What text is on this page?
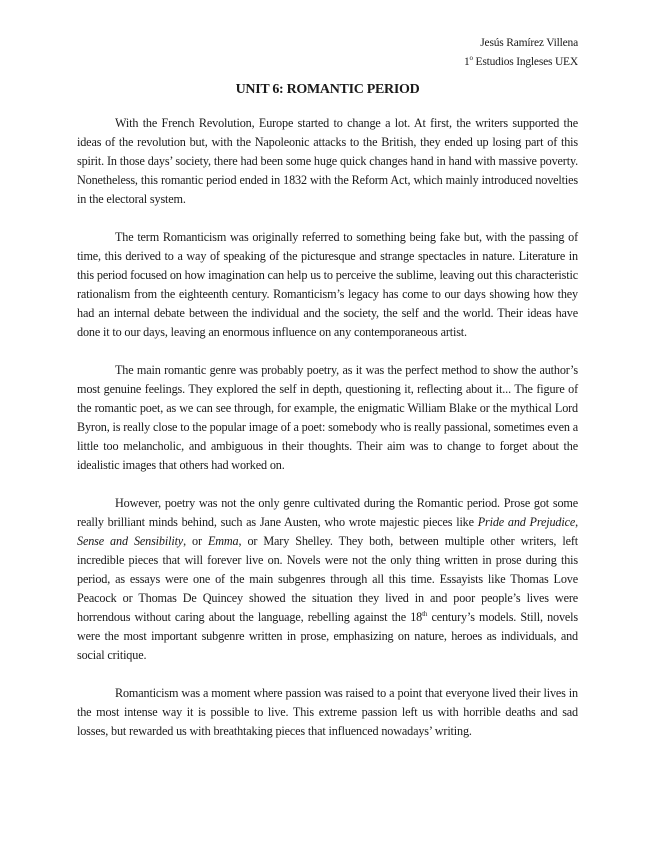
Jesús Ramírez Villena
1$^o$ Estudios Ingleses UEX
UNIT 6: ROMANTIC PERIOD

With the French Revolution, Europe started to change a lot. At first, the writers supported the ideas of the revolution but, with the Napoleonic attacks to the British, they ended up losing part of this spirit. In those days’ society, there had been some huge quick changes hand in hand with massive poverty. Nonetheless, this romantic period ended in 1832 with the Reform Act, which mainly introduced novelties in the electoral system.

The term Romanticism was originally referred to something being fake but, with the passing of time, this derived to a way of speaking of the picturesque and strange spectacles in nature. Literature in this period focused on how imagination can help us to perceive the sublime, leaving out this characteristic rationalism from the eighteenth century. Romanticism’s legacy has come to our days showing how they had an internal debate between the individual and the society, the self and the world. Their ideas have done it to our days, leaving an enormous influence on any contemporaneous artist.

The main romantic genre was probably poetry, as it was the perfect method to show the author’s most genuine feelings. They explored the self in depth, questioning it, reflecting about it... The figure of the romantic poet, as we can see through, for example, the enigmatic William Blake or the mythical Lord Byron, is really close to the popular image of a poet: somebody who is really passional, sometimes even a little too melancholic, and ambiguous in their thoughts. Their aim was to change to forget about the idealistic images that others had worked on.

However, poetry was not the only genre cultivated during the Romantic period. Prose got some really brilliant minds behind, such as Jane Austen, who wrote majestic pieces like Pride and Prejudice, Sense and Sensibility, or Emma, or Mary Shelley. They both, between multiple other writers, left incredible pieces that will forever live on. Novels were not the only thing written in prose during this period, as essays were one of the main subgenres through all this time. Essayists like Thomas Love Peacock or Thomas De Quincey showed the situation they lived in and poor people’s lives were horrendous without caring about the language, rebelling against the 18th century’s models. Still, novels were the most important subgenre written in prose, emphasizing on nature, heroes as individuals, and social critique.

Romanticism was a moment where passion was raised to a point that everyone lived their lives in the most intense way it is possible to live. This extreme passion left us with horrible deaths and sad losses, but rewarded us with breathtaking pieces that influenced nowadays’ writing.
